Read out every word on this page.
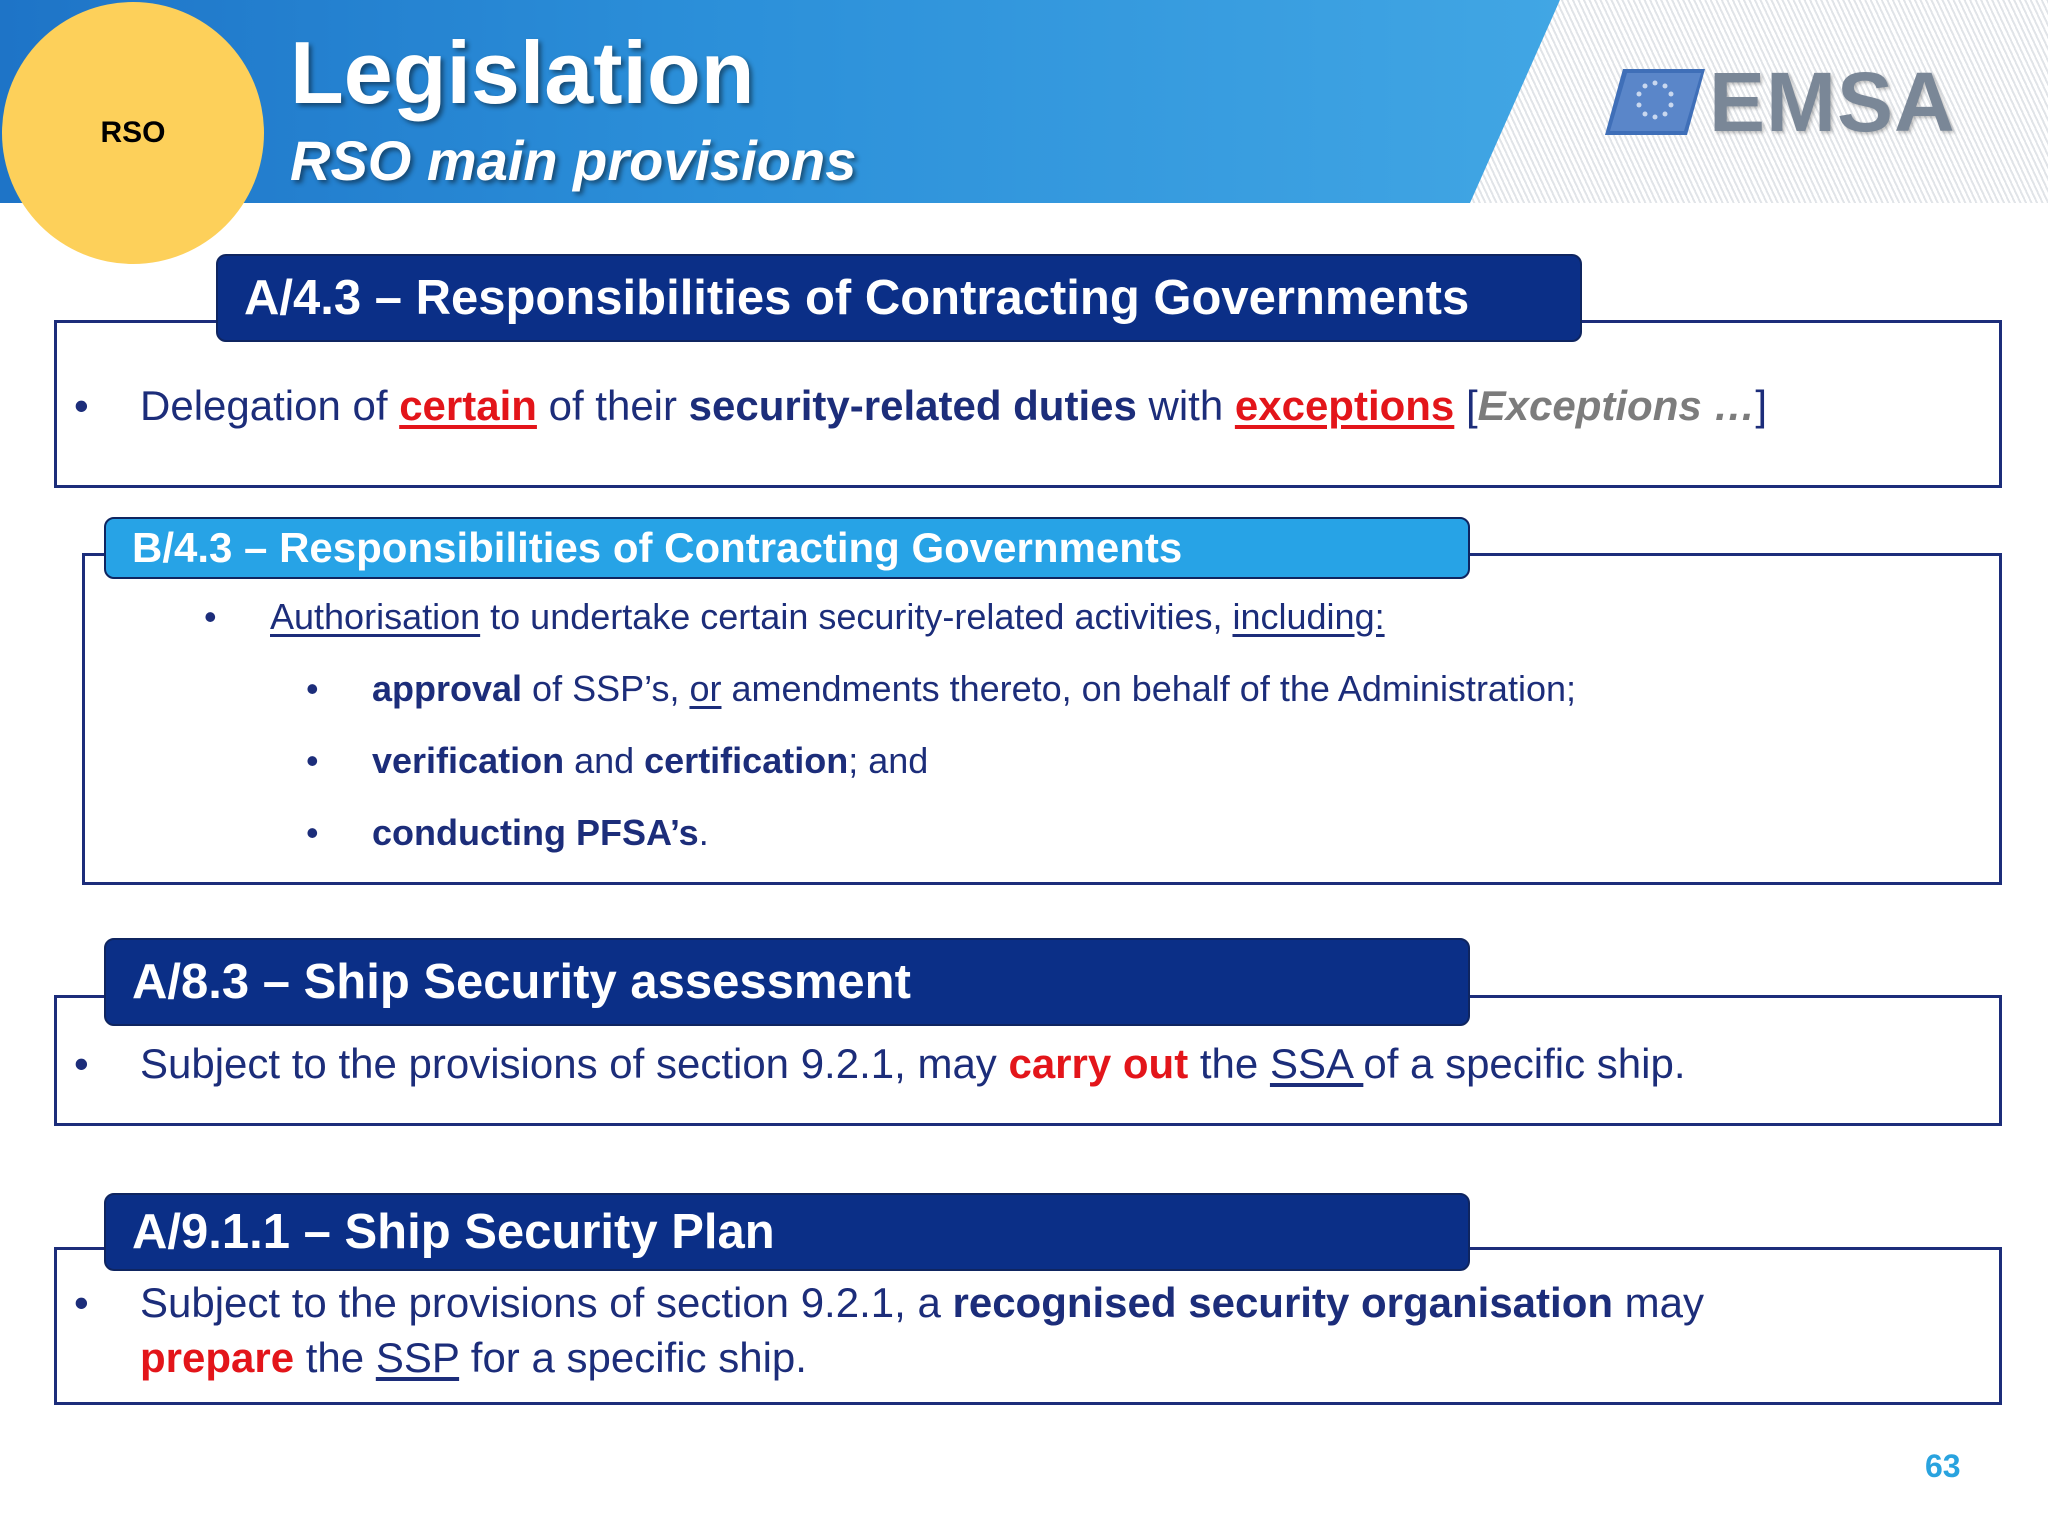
RSO
Legislation
RSO main provisions
EMSA
A/4.3 – Responsibilities of Contracting Governments
•	Delegation of certain of their security-related duties with exceptions [Exceptions …]
B/4.3 – Responsibilities of Contracting Governments
•	Authorisation to undertake certain security-related activities, including:
•	approval of SSP’s, or amendments thereto, on behalf of the Administration;
•	verification and certification; and
•	conducting PFSA’s.
A/8.3 – Ship Security assessment
•	Subject to the provisions of section 9.2.1, may carry out the SSA of a specific ship.
A/9.1.1 – Ship Security Plan
•	Subject to the provisions of section 9.2.1, a recognised security organisation may
prepare the SSP for a specific ship.
63
